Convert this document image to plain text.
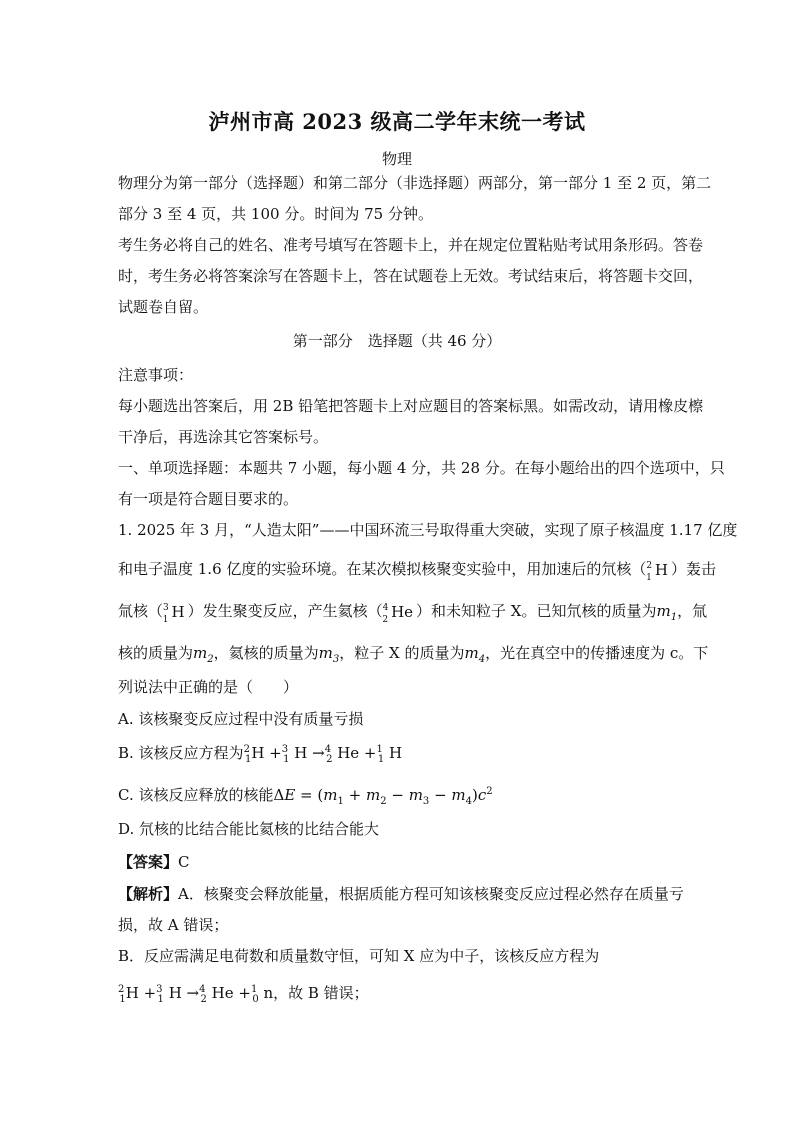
泸州市高 2023 级高二学年末统一考试
物理
物理分为第一部分（选择题）和第二部分（非选择题）两部分，第一部分 1 至 2 页，第二
部分 3 至 4 页，共 100 分。时间为 75 分钟。
考生务必将自己的姓名、准考号填写在答题卡上，并在规定位置粘贴考试用条形码。答卷
时，考生务必将答案涂写在答题卡上，答在试题卷上无效。考试结束后，将答题卡交回，
试题卷自留。
第一部分　选择题（共 46 分）
注意事项：
每小题选出答案后，用 2B 铅笔把答题卡上对应题目的答案标黑。如需改动，请用橡皮檫
干净后，再选涂其它答案标号。
一、单项选择题：本题共 7 小题，每小题 4 分，共 28 分。在每小题给出的四个选项中，只
有一项是符合题目要求的。
1. 2025 年 3 月，“人造太阳”——中国环流三号取得重大突破，实现了原子核温度 1.17 亿度
和电子温度 1.6 亿度的实验环境。在某次模拟核聚变实验中，用加速后的氘核（$^2_1$ H ）轰击
氚核（$^3_1$ H ）发生聚变反应，产生氦核（$^4_2$ He ）和未知粒子 X。已知氘核的质量为$m_1$，氚
核的质量为$m_2$，氦核的质量为$m_3$，粒子 X 的质量为$m_4$，光在真空中的传播速度为 c。下
列说法中正确的是（　　）
A. 该核聚变反应过程中没有质量亏损
B. 该核反应方程为$^2_1$H +$^3_1$ H →$^4_2$ He +$^1_1$ H
C. 该核反应释放的核能$\Delta E = (m_1 + m_2 - m_3 - m_4)c^2$
D. 氘核的比结合能比氦核的比结合能大
【答案】C
【解析】A．核聚变会释放能量，根据质能方程可知该核聚变反应过程必然存在质量亏
损，故 A 错误；
B．反应需满足电荷数和质量数守恒，可知 X 应为中子，该核反应方程为
$^2_1$H +$^3_1$ H →$^4_2$ He +$^1_0$ n，故 B 错误；
